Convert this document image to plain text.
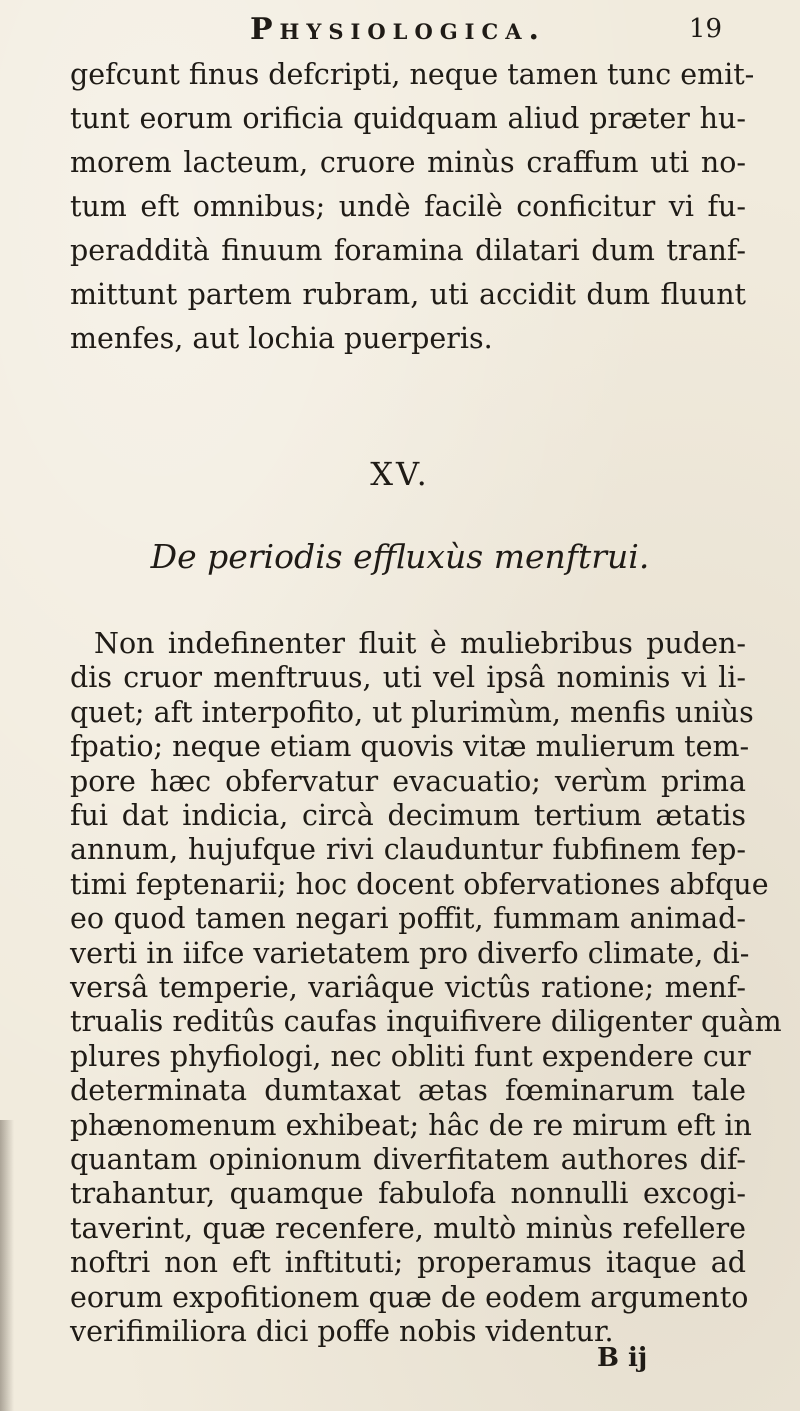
Physiologica.	19
gefcunt finus defcripti, neque tamen tunc emit-
tunt eorum orificia quidquam aliud præter hu-
morem lacteum, cruore minùs craffum uti no-
tum eft omnibus; undè facilè conficitur vi fu-
peraddità finuum foramina dilatari dum tranf-
mittunt partem rubram, uti accidit dum fluunt
menfes, aut lochia puerperis.
XV.
De periodis effluxùs menftrui.
Non indefinenter fluit è muliebribus puden-
dis cruor menftruus, uti vel ipsâ nominis vi li-
quet; aft interpofito, ut plurimùm, menfis uniùs
fpatio; neque etiam quovis vitæ mulierum tem-
pore hæc obfervatur evacuatio; verùm prima
fui dat indicia, circà decimum tertium ætatis
annum, hujufque rivi clauduntur fubfinem fep-
timi feptenarii; hoc docent obfervationes abfque
eo quod tamen negari poffit, fummam animad-
verti in iifce varietatem pro diverfo climate, di-
versâ temperie, variâque victûs ratione; menf-
trualis reditûs caufas inquifivere diligenter quàm
plures phyfiologi, nec obliti funt expendere cur
determinata dumtaxat ætas fœminarum tale
phænomenum exhibeat; hâc de re mirum eft in
quantam opinionum diverfitatem authores dif-
trahantur, quamque fabulofa nonnulli excogi-
taverint, quæ recenfere, multò minùs refellere
noftri non eft inftituti; properamus itaque ad
eorum expofitionem quæ de eodem argumento
verifimiliora dici poffe nobis videntur.
B ij
